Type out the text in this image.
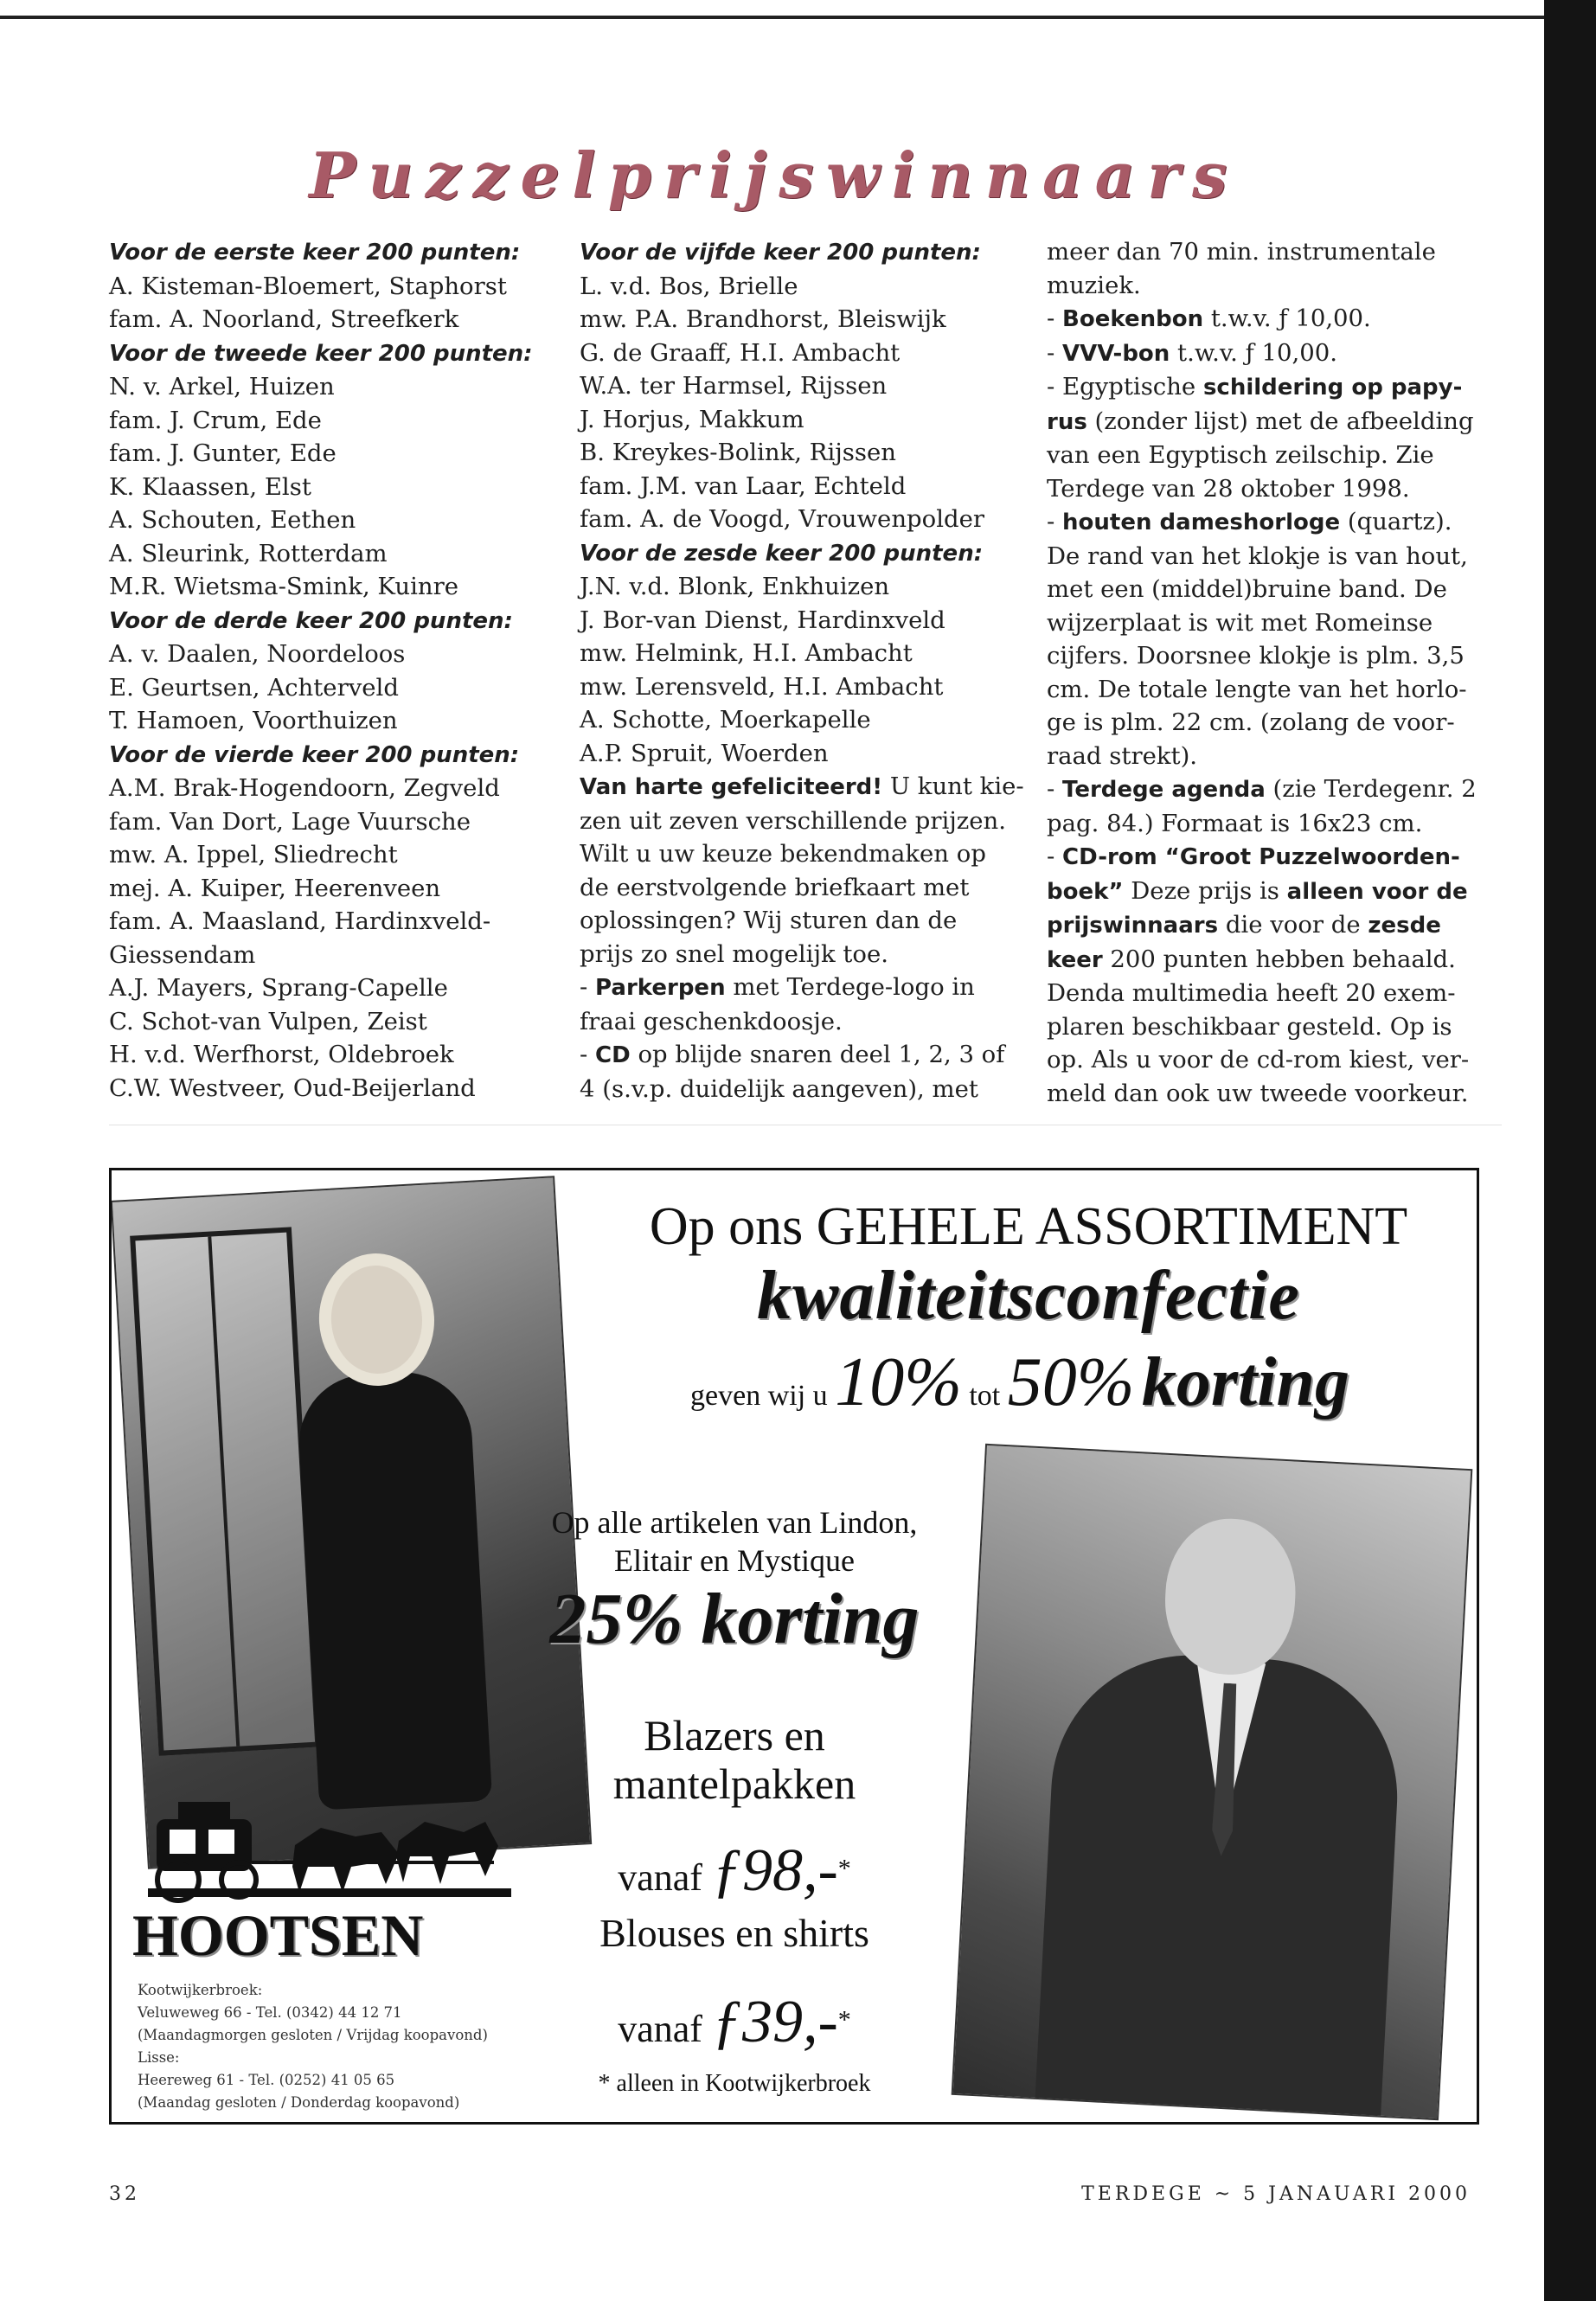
Puzzelprijswinnaars

Voor de eerste keer 200 punten:

A. Kisteman-Bloemert, Staphorst

fam. A. Noorland, Streefkerk

Voor de tweede keer 200 punten:

N. v. Arkel, Huizen

fam. J. Crum, Ede

fam. J. Gunter, Ede

K. Klaassen, Elst

A. Schouten, Eethen

A. Sleurink, Rotterdam

M.R. Wietsma-Smink, Kuinre

Voor de derde keer 200 punten:

A. v. Daalen, Noordeloos

E. Geurtsen, Achterveld

T. Hamoen, Voorthuizen

Voor de vierde keer 200 punten:

A.M. Brak-Hogendoorn, Zegveld

fam. Van Dort, Lage Vuursche

mw. A. Ippel, Sliedrecht

mej. A. Kuiper, Heerenveen

fam. A. Maasland, Hardinxveld-

Giessendam

A.J. Mayers, Sprang-Capelle

C. Schot-van Vulpen, Zeist

H. v.d. Werfhorst, Oldebroek

C.W. Westveer, Oud-Beijerland

Voor de vijfde keer 200 punten:

L. v.d. Bos, Brielle

mw. P.A. Brandhorst, Bleiswijk

G. de Graaff, H.I. Ambacht

W.A. ter Harmsel, Rijssen

J. Horjus, Makkum

B. Kreykes-Bolink, Rijssen

fam. J.M. van Laar, Echteld

fam. A. de Voogd, Vrouwenpolder

Voor de zesde keer 200 punten:

J.N. v.d. Blonk, Enkhuizen

J. Bor-van Dienst, Hardinxveld

mw. Helmink, H.I. Ambacht

mw. Lerensveld, H.I. Ambacht

A. Schotte, Moerkapelle

A.P. Spruit, Woerden

Van harte gefeliciteerd! U kunt kie-

zen uit zeven verschillende prijzen.

Wilt u uw keuze bekendmaken op

de eerstvolgende briefkaart met

oplossingen? Wij sturen dan de

prijs zo snel mogelijk toe.

- Parkerpen met Terdege-logo in

fraai geschenkdoosje.

- CD op blijde snaren deel 1, 2, 3 of

4 (s.v.p. duidelijk aangeven), met

meer dan 70 min. instrumentale

muziek.

- Boekenbon t.w.v. ƒ 10,00.

- VVV-bon t.w.v. ƒ 10,00.

- Egyptische schildering op papy-

rus (zonder lijst) met de afbeelding

van een Egyptisch zeilschip. Zie

Terdege van 28 oktober 1998.

- houten dameshorloge (quartz).

De rand van het klokje is van hout,

met een (middel)bruine band. De

wijzerplaat is wit met Romeinse

cijfers. Doorsnee klokje is plm. 3,5

cm. De totale lengte van het horlo-

ge is plm. 22 cm. (zolang de voor-

raad strekt).

- Terdege agenda (zie Terdegenr. 2

pag. 84.) Formaat is 16x23 cm.

- CD-rom “Groot Puzzelwoorden-

boek” Deze prijs is alleen voor de

prijswinnaars die voor de zesde

keer 200 punten hebben behaald.

Denda multimedia heeft 20 exem-

plaren beschikbaar gesteld. Op is

op. Als u voor de cd-rom kiest, ver-

meld dan ook uw tweede voorkeur.

HOOTSEN

Kootwijkerbroek:

Veluweweg 66 - Tel. (0342) 44 12 71

(Maandagmorgen gesloten / Vrijdag koopavond)

Lisse:

Heereweg 61 - Tel. (0252) 41 05 65

(Maandag gesloten / Donderdag koopavond)

Op ons GEHELE ASSORTIMENT
kwaliteitsconfectie
geven wij u 10% tot 50% korting
Op alle artikelen van Lindon,
Elitair en Mystique
25% korting
Blazers en
mantelpakken
vanaf ƒ98,-*
Blouses en shirts
vanaf ƒ39,-*
* alleen in Kootwijkerbroek
32	TERDEGE ~ 5 JANAUARI 2000
